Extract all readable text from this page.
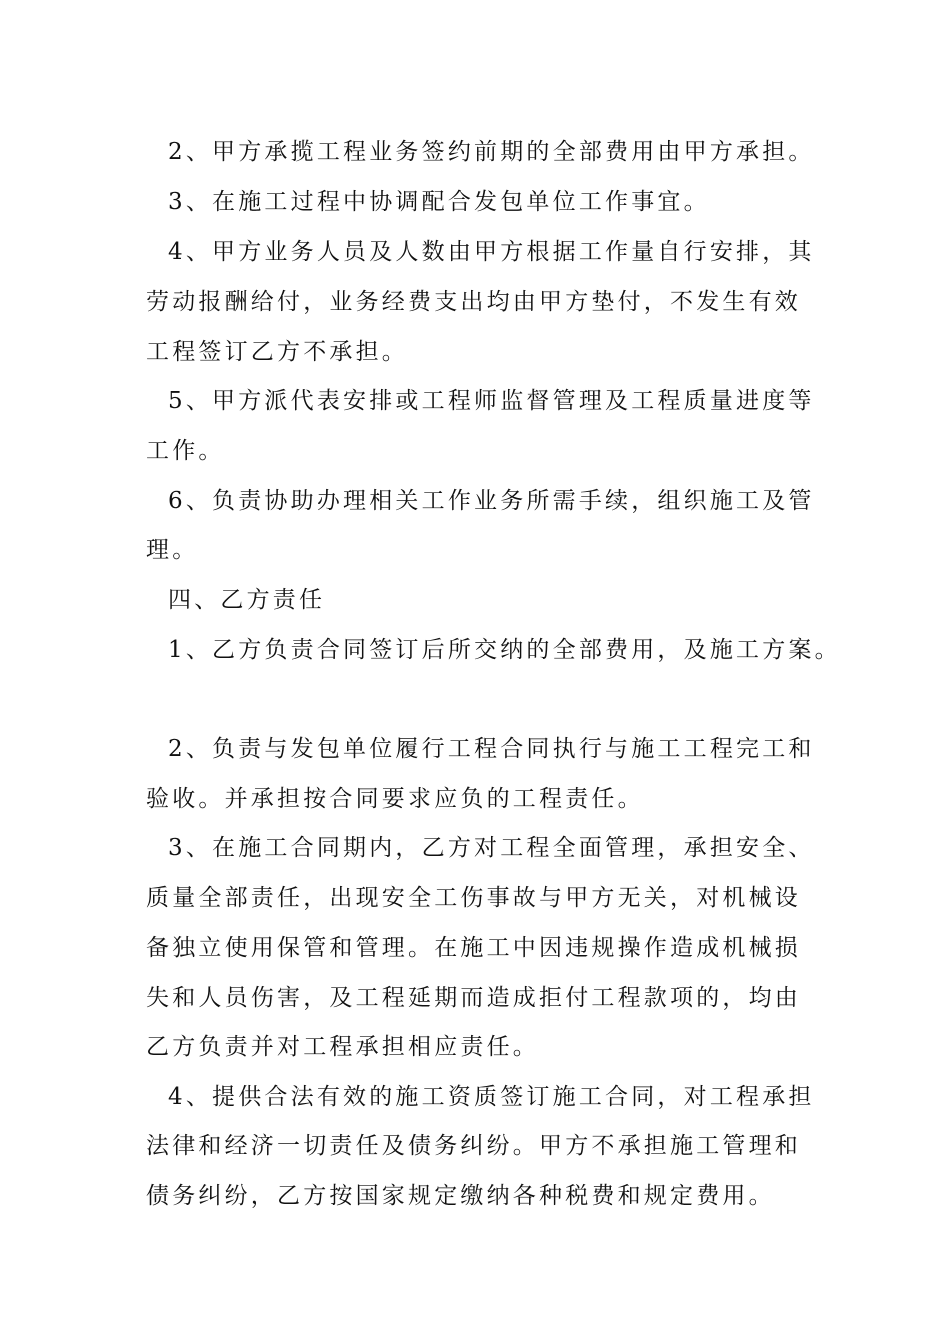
2、甲方承揽工程业务签约前期的全部费用由甲方承担。
3、在施工过程中协调配合发包单位工作事宜。
4、甲方业务人员及人数由甲方根据工作量自行安排，其
劳动报酬给付，业务经费支出均由甲方垫付，不发生有效
工程签订乙方不承担。
5、甲方派代表安排或工程师监督管理及工程质量进度等
工作。
6、负责协助办理相关工作业务所需手续，组织施工及管
理。
四、乙方责任
1、乙方负责合同签订后所交纳的全部费用，及施工方案。
2、负责与发包单位履行工程合同执行与施工工程完工和
验收。并承担按合同要求应负的工程责任。
3、在施工合同期内，乙方对工程全面管理，承担安全、
质量全部责任，出现安全工伤事故与甲方无关，对机械设
备独立使用保管和管理。在施工中因违规操作造成机械损
失和人员伤害，及工程延期而造成拒付工程款项的，均由
乙方负责并对工程承担相应责任。
4、提供合法有效的施工资质签订施工合同，对工程承担
法律和经济一切责任及债务纠纷。甲方不承担施工管理和
债务纠纷，乙方按国家规定缴纳各种税费和规定费用。
